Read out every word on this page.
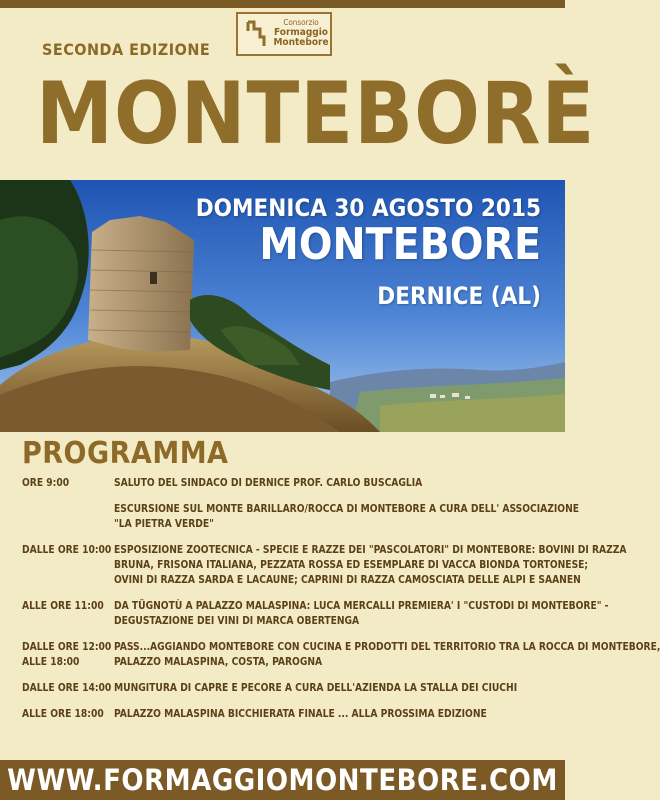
Consorzio
Formaggio
Montebore
SECONDA EDIZIONE
MONTEBORÈ
DOMENICA 30 AGOSTO 2015
MONTEBORE
DERNICE (AL)
PROGRAMMA
ORE 9:00	SALUTO DEL SINDACO DI DERNICE PROF. CARLO BUSCAGLIA
ESCURSIONE SUL MONTE BARILLARO/ROCCA DI MONTEBORE A CURA DELL' ASSOCIAZIONE
"LA PIETRA VERDE"
DALLE ORE 10:00 ESPOSIZIONE ZOOTECNICA - SPECIE E RAZZE DEI "PASCOLATORI" DI MONTEBORE: BOVINI DI RAZZA
BRUNA, FRISONA ITALIANA, PEZZATA ROSSA ED ESEMPLARE DI VACCA BIONDA TORTONESE;
OVINI DI RAZZA SARDA E LACAUNE; CAPRINI DI RAZZA CAMOSCIATA DELLE ALPI E SAANEN
ALLE ORE 11:00	DA TÜGNOTÙ A PALAZZO MALASPINA: LUCA MERCALLI PREMIERA' I "CUSTODI DI MONTEBORE" -
DEGUSTAZIONE DEI VINI DI MARCA OBERTENGA
DALLE ORE 12:00
ALLE 18:00
PASS...AGGIANDO MONTEBORE CON CUCINA E PRODOTTI DEL TERRITORIO TRA LA ROCCA DI MONTEBORE,
PALAZZO MALASPINA, COSTA, PAROGNA
DALLE ORE 14:00 MUNGITURA DI CAPRE E PECORE A CURA DELL'AZIENDA LA STALLA DEI CIUCHI
ALLE ORE 18:00	PALAZZO MALASPINA BICCHIERATA FINALE ... ALLA PROSSIMA EDIZIONE
WWW.FORMAGGIOMONTEBORE.COM
